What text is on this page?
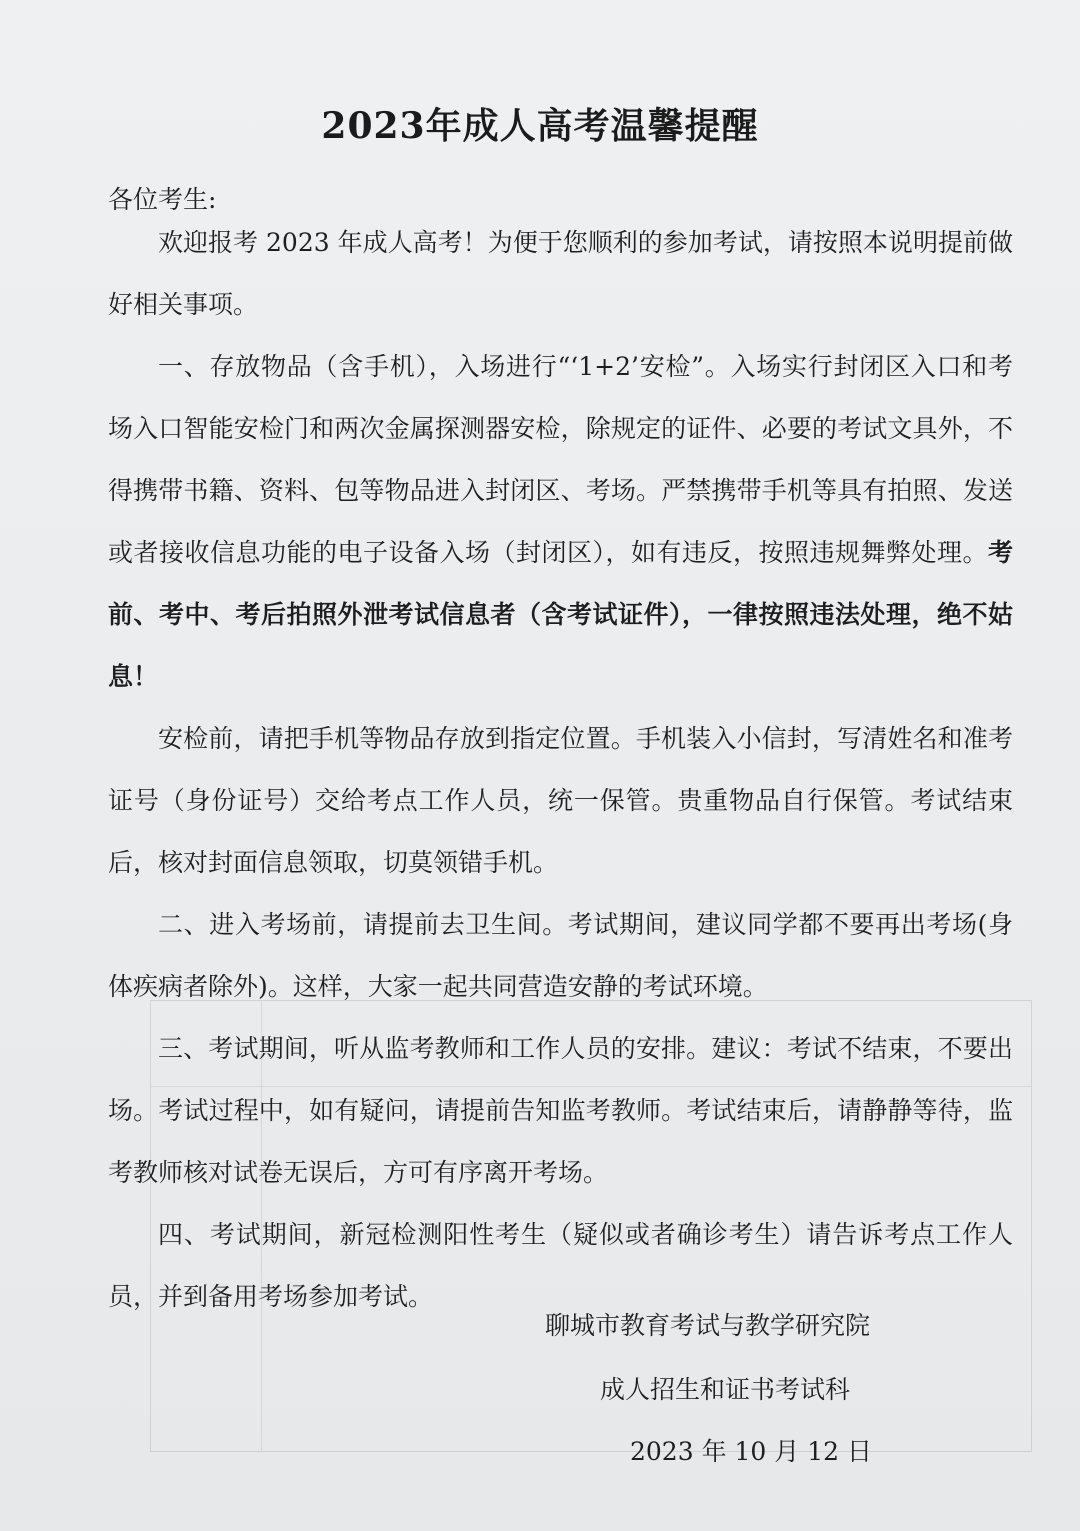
2023年成人高考温馨提醒
各位考生:

欢迎报考 2023 年成人高考！为便于您顺利的参加考试，请按照本说明提前做好相关事项。

一、存放物品（含手机），入场进行“‘1+2’安检”。入场实行封闭区入口和考场入口智能安检门和两次金属探测器安检，除规定的证件、必要的考试文具外，不得携带书籍、资料、包等物品进入封闭区、考场。严禁携带手机等具有拍照、发送或者接收信息功能的电子设备入场（封闭区），如有违反，按照违规舞弊处理。考前、考中、考后拍照外泄考试信息者（含考试证件），一律按照违法处理，绝不姑息！

安检前，请把手机等物品存放到指定位置。手机装入小信封，写清姓名和准考证号（身份证号）交给考点工作人员，统一保管。贵重物品自行保管。考试结束后，核对封面信息领取，切莫领错手机。

二、进入考场前，请提前去卫生间。考试期间，建议同学都不要再出考场(身体疾病者除外)。这样，大家一起共同营造安静的考试环境。

三、考试期间，听从监考教师和工作人员的安排。建议：考试不结束，不要出场。考试过程中，如有疑问，请提前告知监考教师。考试结束后，请静静等待，监考教师核对试卷无误后，方可有序离开考场。

四、考试期间，新冠检测阳性考生（疑似或者确诊考生）请告诉考点工作人员，并到备用考场参加考试。

聊城市教育考试与教学研究院
成人招生和证书考试科
2023 年 10 月 12 日
